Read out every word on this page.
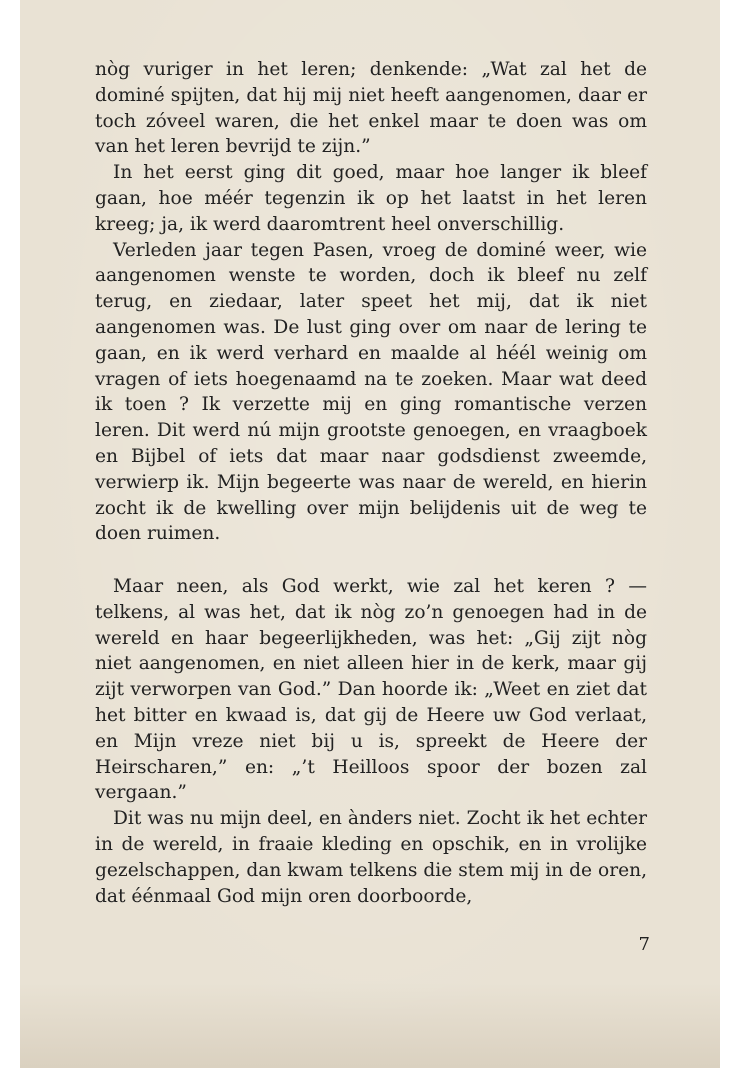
nòg vuriger in het leren; denkende: „Wat zal het de dominé spijten, dat hij mij niet heeft aangenomen, daar er toch zóveel waren, die het enkel maar te doen was om van het leren bevrijd te zijn.”

In het eerst ging dit goed, maar hoe langer ik bleef gaan, hoe méér tegenzin ik op het laatst in het leren kreeg; ja, ik werd daaromtrent heel onverschillig.

Verleden jaar tegen Pasen, vroeg de dominé weer, wie aangenomen wenste te worden, doch ik bleef nu zelf terug, en ziedaar, later speet het mij, dat ik niet aangenomen was. De lust ging over om naar de lering te gaan, en ik werd verhard en maalde al héél weinig om vragen of iets hoegenaamd na te zoeken. Maar wat deed ik toen ? Ik verzette mij en ging romantische verzen leren. Dit werd nú mijn grootste genoegen, en vraagboek en Bijbel of iets dat maar naar godsdienst zweemde, verwierp ik. Mijn begeerte was naar de wereld, en hierin zocht ik de kwelling over mijn belijdenis uit de weg te doen ruimen.

Maar neen, als God werkt, wie zal het keren ? — telkens, al was het, dat ik nòg zo’n genoegen had in de wereld en haar begeerlijkheden, was het: „Gij zijt nòg niet aangenomen, en niet alleen hier in de kerk, maar gij zijt verworpen van God.” Dan hoorde ik: „Weet en ziet dat het bitter en kwaad is, dat gij de Heere uw God verlaat, en Mijn vreze niet bij u is, spreekt de Heere der Heirscharen,” en: „’t Heilloos spoor der bozen zal vergaan.”

Dit was nu mijn deel, en ànders niet. Zocht ik het echter in de wereld, in fraaie kleding en opschik, en in vrolijke gezelschappen, dan kwam telkens die stem mij in de oren, dat éénmaal God mijn oren doorboorde,

7
